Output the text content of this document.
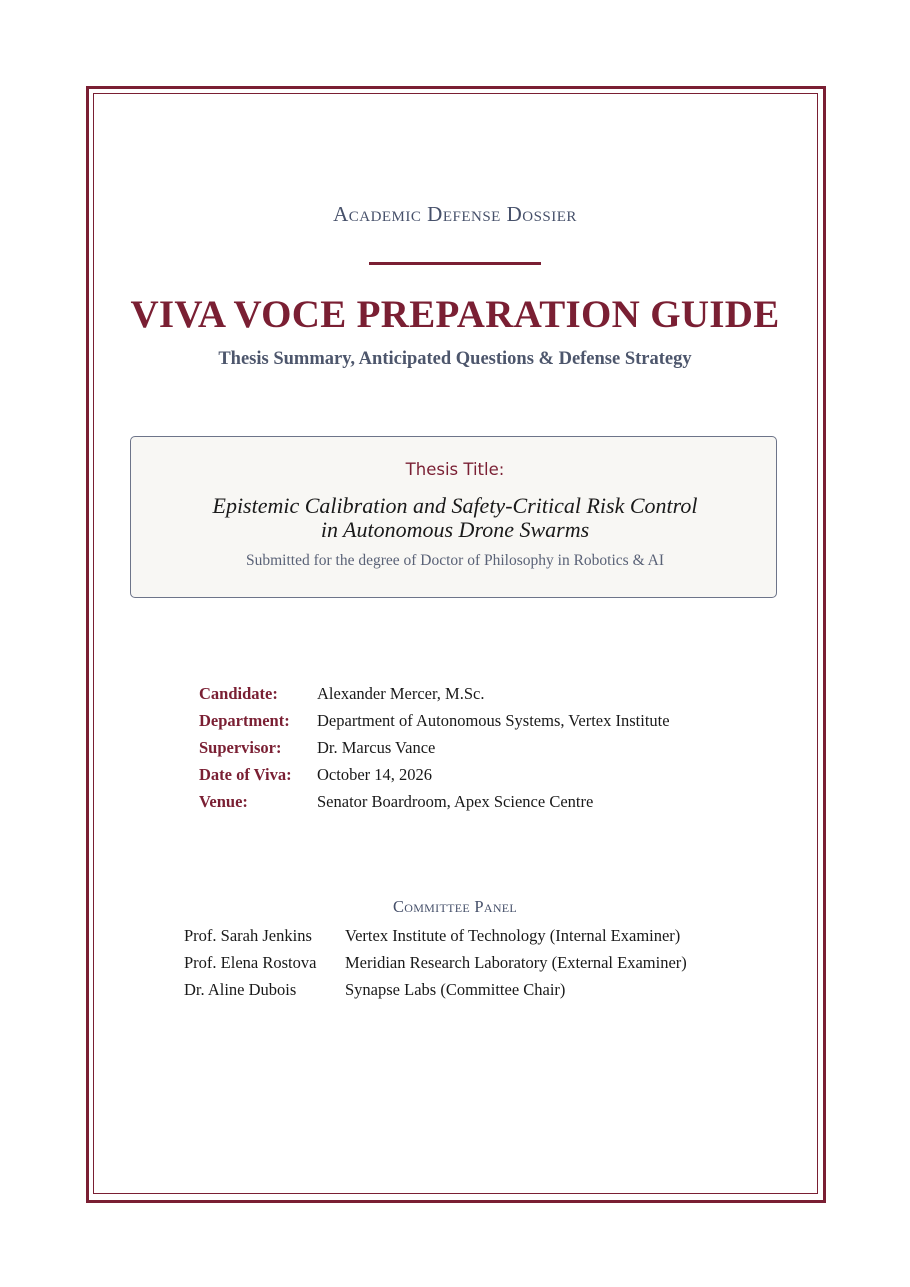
Academic Defense Dossier
VIVA VOCE PREPARATION GUIDE
Thesis Summary, Anticipated Questions & Defense Strategy
Thesis Title:
Epistemic Calibration and Safety-Critical Risk Control
in Autonomous Drone Swarms
Submitted for the degree of Doctor of Philosophy in Robotics & AI
Candidate:	Alexander Mercer, M.Sc.
Department:	Department of Autonomous Systems, Vertex Institute
Supervisor:	Dr. Marcus Vance
Date of Viva:	October 14, 2026
Venue:	Senator Boardroom, Apex Science Centre
Committee Panel
Prof. Sarah Jenkins	Vertex Institute of Technology (Internal Examiner)
Prof. Elena Rostova	Meridian Research Laboratory (External Examiner)
Dr. Aline Dubois	Synapse Labs (Committee Chair)
